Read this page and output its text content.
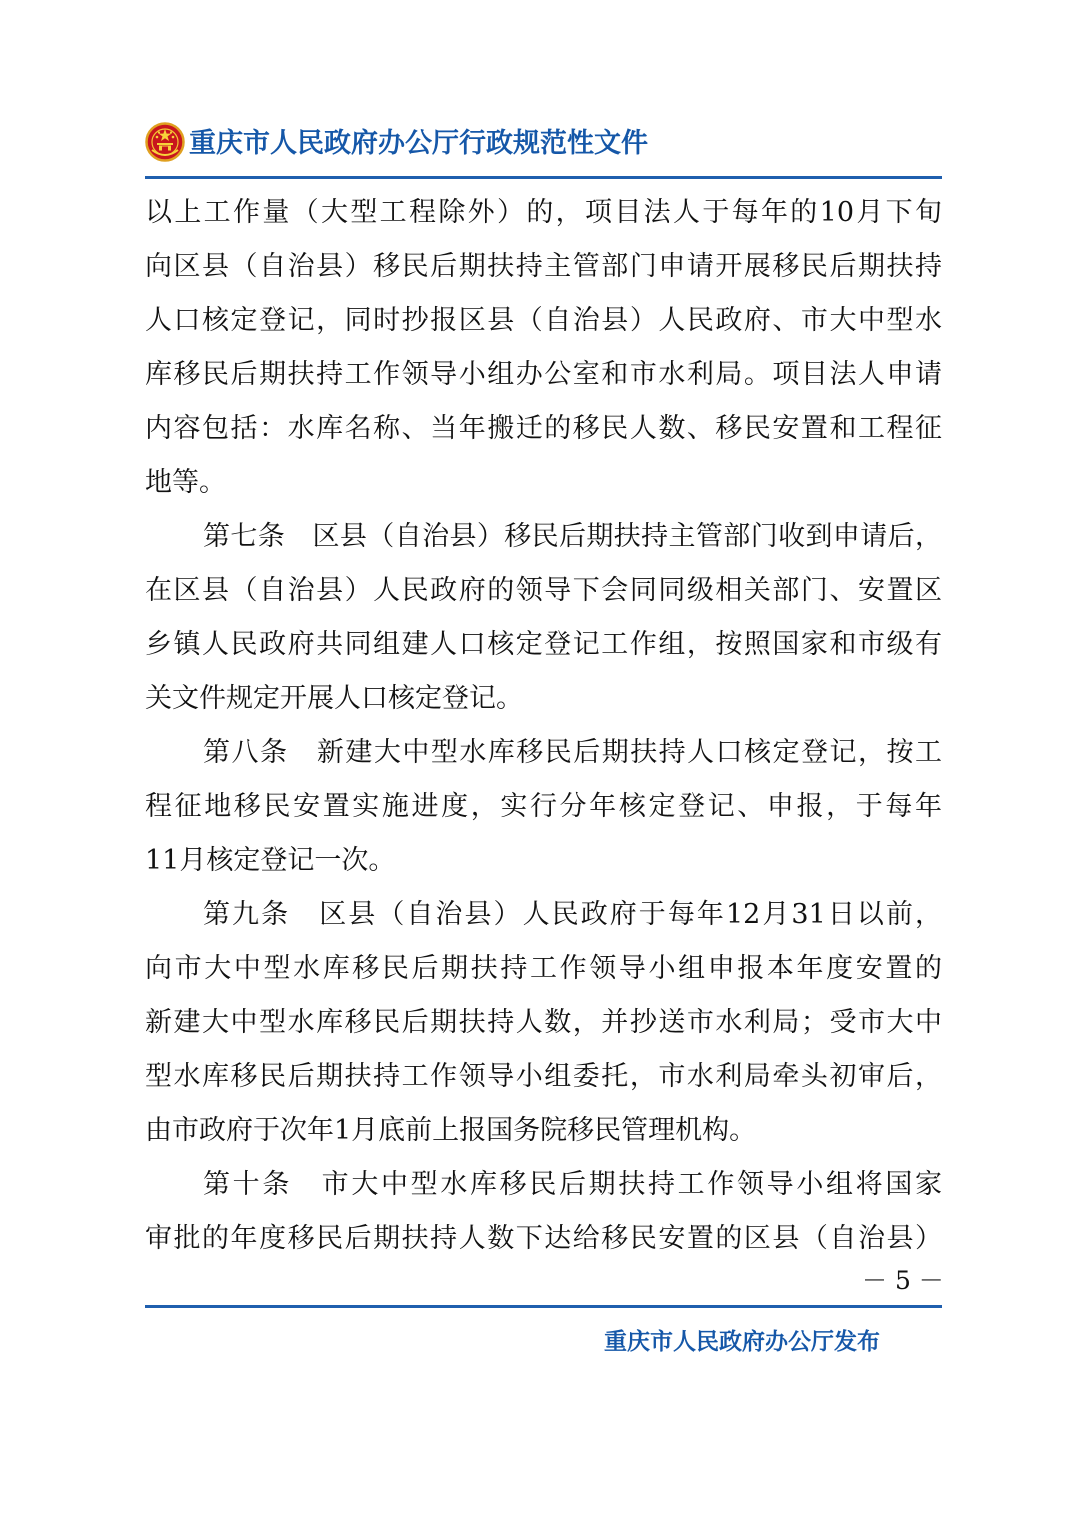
重庆市人民政府办公厅行政规范性文件
以上工作量（大型工程除外）的，项目法人于每年的10月下旬
向区县（自治县）移民后期扶持主管部门申请开展移民后期扶持
人口核定登记，同时抄报区县（自治县）人民政府、市大中型水
库移民后期扶持工作领导小组办公室和市水利局。项目法人申请
内容包括：水库名称、当年搬迁的移民人数、移民安置和工程征
地等。
第七条　区县（自治县）移民后期扶持主管部门收到申请后，
在区县（自治县）人民政府的领导下会同同级相关部门、安置区
乡镇人民政府共同组建人口核定登记工作组，按照国家和市级有
关文件规定开展人口核定登记。
第八条　新建大中型水库移民后期扶持人口核定登记，按工
程征地移民安置实施进度，实行分年核定登记、申报，于每年
11月核定登记一次。
第九条　区县（自治县）人民政府于每年12月31日以前，
向市大中型水库移民后期扶持工作领导小组申报本年度安置的
新建大中型水库移民后期扶持人数，并抄送市水利局；受市大中
型水库移民后期扶持工作领导小组委托，市水利局牵头初审后，
由市政府于次年1月底前上报国务院移民管理机构。
第十条　市大中型水库移民后期扶持工作领导小组将国家
审批的年度移民后期扶持人数下达给移民安置的区县（自治县）
－ 5 －
重庆市人民政府办公厅发布
